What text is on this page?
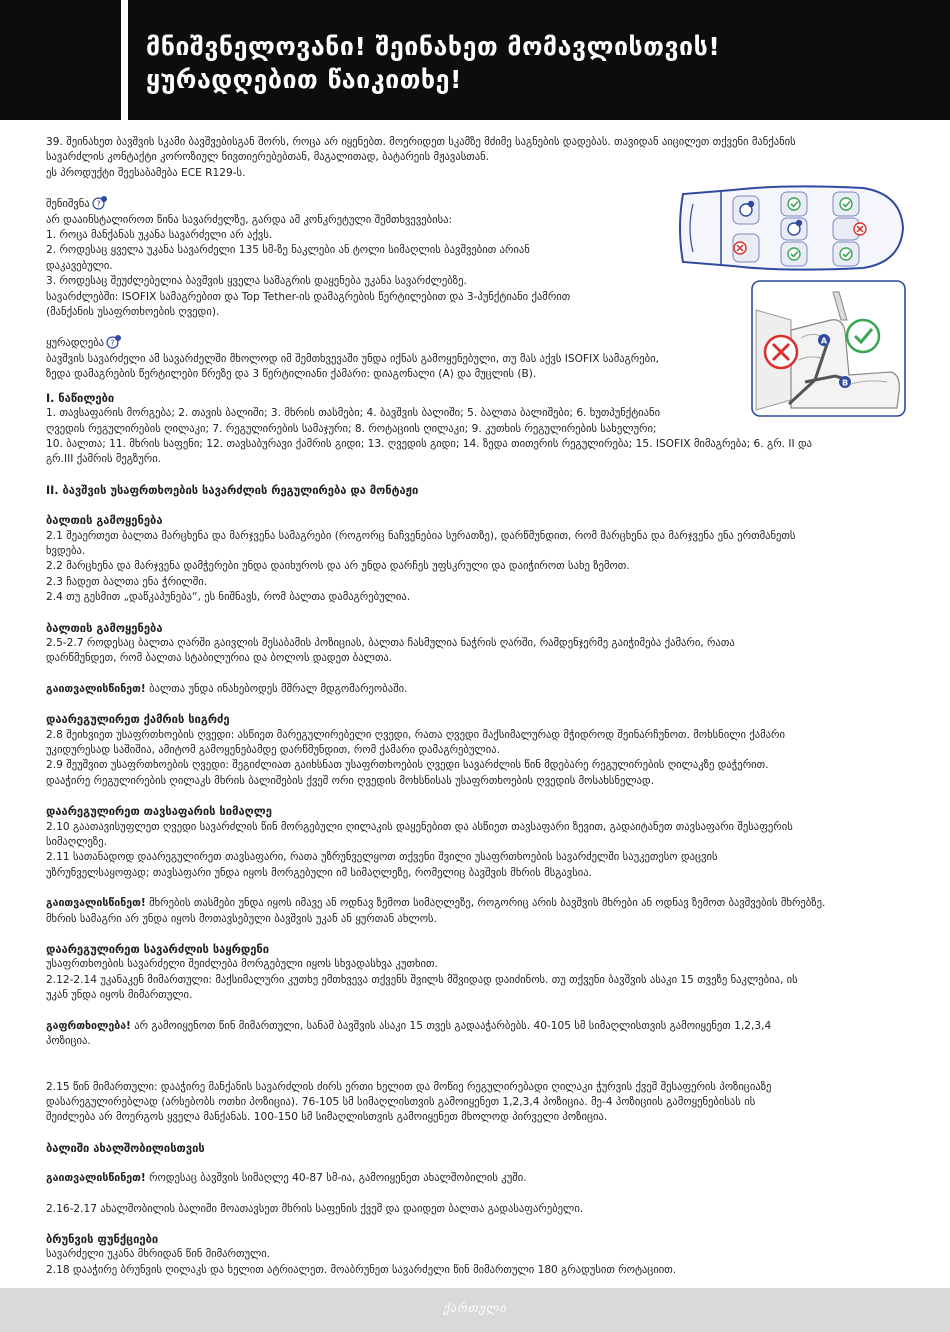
მნიშვნელოვანი! შეინახეთ მომავლისთვის!
ყურადღებით წაიკითხე!
A
B

39. შეინახეთ ბავშვის სკამი ბავშვებისგან შორს, როცა არ იყენებთ. მოერიდეთ სკამზე მძიმე საგნების დადებას. თავიდან აიცილეთ თქვენი მანქანის

სავარძლის კონტაქტი კოროზიულ ნივთიერებებთან, მაგალითად, ბატარეის მჟავასთან.

ეს პროდუქტი შეესაბამება ECE R129-ს.

შენიშვნა ?

არ დააინსტალიროთ წინა სავარძელზე, გარდა ამ კონკრეტული შემთხვევებისა:

1. როცა მანქანას უკანა სავარძელი არ აქვს.

2. როდესაც ყველა უკანა სავარძელი 135 სმ-ზე ნაკლები ან ტოლი სიმაღლის ბავშვებით არიან

დაკავებული.

3. როდესაც შეუძლებელია ბავშვის ყველა სამაგრის დაყენება უკანა სავარძლებზე.

სავარძლებში: ISOFIX სამაგრებით და Top Tether-ის დამაგრების წერტილებით და 3-პუნქტიანი ქამრით

(მანქანის უსაფრთხოების ღვედი).

ყურადღება ?

ბავშვის სავარძელი ამ სავარძელში მხოლოდ იმ შემთხვევაში უნდა იქნას გამოყენებული, თუ მას აქვს ISOFIX სამაგრები,

ზედა დამაგრების წერტილები წრეზე და 3 წერტილიანი ქამარი: დიაგონალი (A) და მუცლის (B).

I. ნაწილები

1. თავსაფარის მორგება; 2. თავის ბალიში; 3. მხრის თასმები; 4. ბავშვის ბალიში; 5. ბალთა ბალიშები; 6. ხუთპუნქტიანი

ღვედის რეგულირების ღილაკი; 7. რეგულირების სამაჯური; 8. როტაციის ღილაკი; 9. კუთხის რეგულირების სახელური;

10. ბალთა; 11. მხრის საფენი; 12. თავსაბურავი ქამრის გიდი; 13. ღვედის გიდი; 14. ზედა თითერის რეგულირება; 15. ISOFIX მიმაგრება; 6. გრ. II და

გრ.III ქამრის მეგზური.

II. ბავშვის უსაფრთხოების სავარძლის რეგულირება და მონტაჟი

ბალთის გამოყენება

2.1 შეაერთეთ ბალთა მარცხენა და მარჯვენა სამაგრები (როგორც ნაჩვენებია სურათზე), დარწმუნდით, რომ მარცხენა და მარჯვენა ენა ერთმანეთს

ხვდება.

2.2 მარცხენა და მარჯვენა დამჭერები უნდა დაიხუროს და არ უნდა დარჩეს უფსკრული და დაიჭიროთ სახე ზემოთ.

2.3 ჩადეთ ბალთა ენა ჭრილში.

2.4 თუ გესმით „დაწკაპუნება“, ეს ნიშნავს, რომ ბალთა დამაგრებულია.

ბალთის გამოყენება

2.5-2.7 როდესაც ბალთა ღარში გაივლის შესაბამის პოზიციას, ბალთა ჩასმულია ნაჭრის ღარში, რამდენჯერმე გაიჭიმება ქამარი, რათა

დარწმუნდეთ, რომ ბალთა სტაბილურია და ბოლოს დადეთ ბალთა.

გაითვალისწინეთ! ბალთა უნდა ინახებოდეს მშრალ მდგომარეობაში.

დაარეგულირეთ ქამრის სიგრძე

2.8 შეიხვიეთ უსაფრთხოების ღვედი: ასწიეთ მარეგულირებელი ღვედი, რათა ღვედი მაქსიმალურად მჭიდროდ შეინარჩუნოთ. მოხსნილი ქამარი

უკიდურესად საშიშია, ამიტომ გამოყენებამდე დარწმუნდით, რომ ქამარი დამაგრებულია.

2.9 შეუშვით უსაფრთხოების ღვედი: შეგიძლიათ გაიხსნათ უსაფრთხოების ღვედი სავარძლის წინ მდებარე რეგულირების ღილაკზე დაჭერით.

დააჭირე რეგულირების ღილაკს მხრის ბალიშების ქვეშ ორი ღვედის მოხსნისას უსაფრთხოების ღვედის მოსახსნელად.

დაარეგულირეთ თავსაფარის სიმაღლე

2.10 გაათავისუფლეთ ღვედი სავარძლის წინ მორგებული ღილაკის დაყენებით და ასწიეთ თავსაფარი ზევით, გადაიტანეთ თავსაფარი შესაფერის

სიმაღლეზე.

2.11 სათანადოდ დაარეგულირეთ თავსაფარი, რათა უზრუნველყოთ თქვენი შვილი უსაფრთხოების სავარძელში საუკეთესო დაცვის

უზრუნველსაყოფად; თავსაფარი უნდა იყოს მორგებული იმ სიმაღლეზე, რომელიც ბავშვის მხრის მსგავსია.

გაითვალისწინეთ! მხრების თასმები უნდა იყოს იმავე ან ოდნავ ზემოთ სიმაღლეზე, როგორიც არის ბავშვის მხრები ან ოდნავ ზემოთ ბავშვების მხრებზე.

მხრის სამაგრი არ უნდა იყოს მოთავსებული ბავშვის უკან ან ყურთან ახლოს.

დაარეგულირეთ სავარძლის საყრდენი

უსაფრთხოების სავარძელი შეიძლება მორგებული იყოს სხვადასხვა კუთხით.

2.12-2.14 უკანაკენ მიმართული: მაქსიმალური კუთხე ემთხვევა თქვენს შვილს მშვიდად დაიძინოს. თუ თქვენი ბავშვის ასაკი 15 თვეზე ნაკლებია, ის

უკან უნდა იყოს მიმართული.

გაფრთხილება! არ გამოიყენოთ წინ მიმართული, სანამ ბავშვის ასაკი 15 თვეს გადააჭარბებს. 40-105 სმ სიმაღლისთვის გამოიყენეთ 1,2,3,4

პოზიცია.

2.15 წინ მიმართული: დააჭირე მანქანის სავარძლის ძირს ერთი ხელით და მოწიე რეგულირებადი ღილაკი ჭურვის ქვეშ შესაფერის პოზიციაზე

დასარეგულირებლად (არსებობს ოთხი პოზიცია). 76-105 სმ სიმაღლისთვის გამოიყენეთ 1,2,3,4 პოზიცია. მე-4 პოზიციის გამოყენებისას ის

შეიძლება არ მოერგოს ყველა მანქანას. 100-150 სმ სიმაღლისთვის გამოიყენეთ მხოლოდ პირველი პოზიცია.

ბალიში ახალშობილისთვის

გაითვალისწინეთ! როდესაც ბავშვის სიმაღლე 40-87 სმ-ია, გამოიყენეთ ახალშობილის კუში.

2.16-2.17 ახალშობილის ბალიში მოათავსეთ მხრის საფენის ქვეშ და დაიდეთ ბალთა გადასაფარებელი.

ბრუნვის ფუნქციები

სავარძელი უკანა მხრიდან წინ მიმართული.

2.18 დააჭირე ბრუნვის ღილაკს და ხელით ატრიალეთ. მოაბრუნეთ სავარძელი წინ მიმართული 180 გრადუსით როტაციით.

ქართული
